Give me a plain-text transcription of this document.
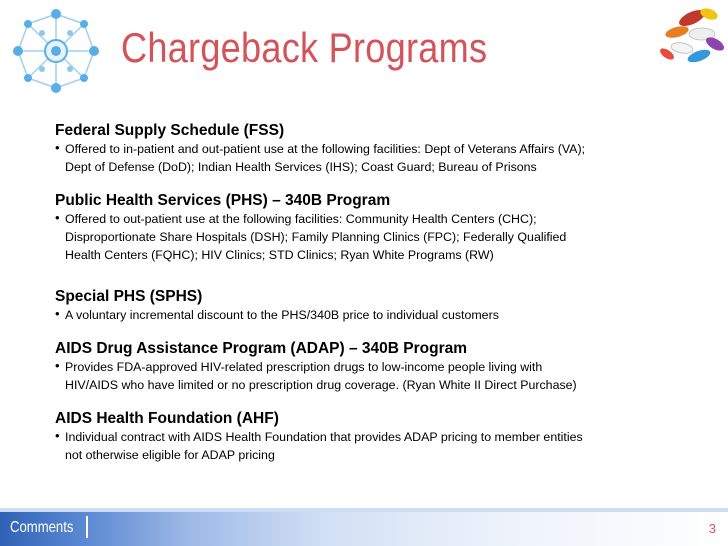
Chargeback Programs
Federal Supply Schedule (FSS)
• Offered to in-patient and out-patient use at the following facilities: Dept of Veterans Affairs (VA);
Dept of Defense (DoD); Indian Health Services (IHS); Coast Guard; Bureau of Prisons
Public Health Services (PHS) – 340B Program
• Offered to out-patient use at the following facilities: Community Health Centers (CHC);
Disproportionate Share Hospitals (DSH); Family Planning Clinics (FPC); Federally Qualified
Health Centers (FQHC); HIV Clinics; STD Clinics; Ryan White Programs (RW)
Special PHS (SPHS)
• A voluntary incremental discount to the PHS/340B price to individual customers
AIDS Drug Assistance Program (ADAP) – 340B Program
• Provides FDA-approved HIV-related prescription drugs to low-income people living with
HIV/AIDS who have limited or no prescription drug coverage. (Ryan White II Direct Purchase)
AIDS Health Foundation (AHF)
• Individual contract with AIDS Health Foundation that provides ADAP pricing to member entities
not otherwise eligible for ADAP pricing
Comments	3
